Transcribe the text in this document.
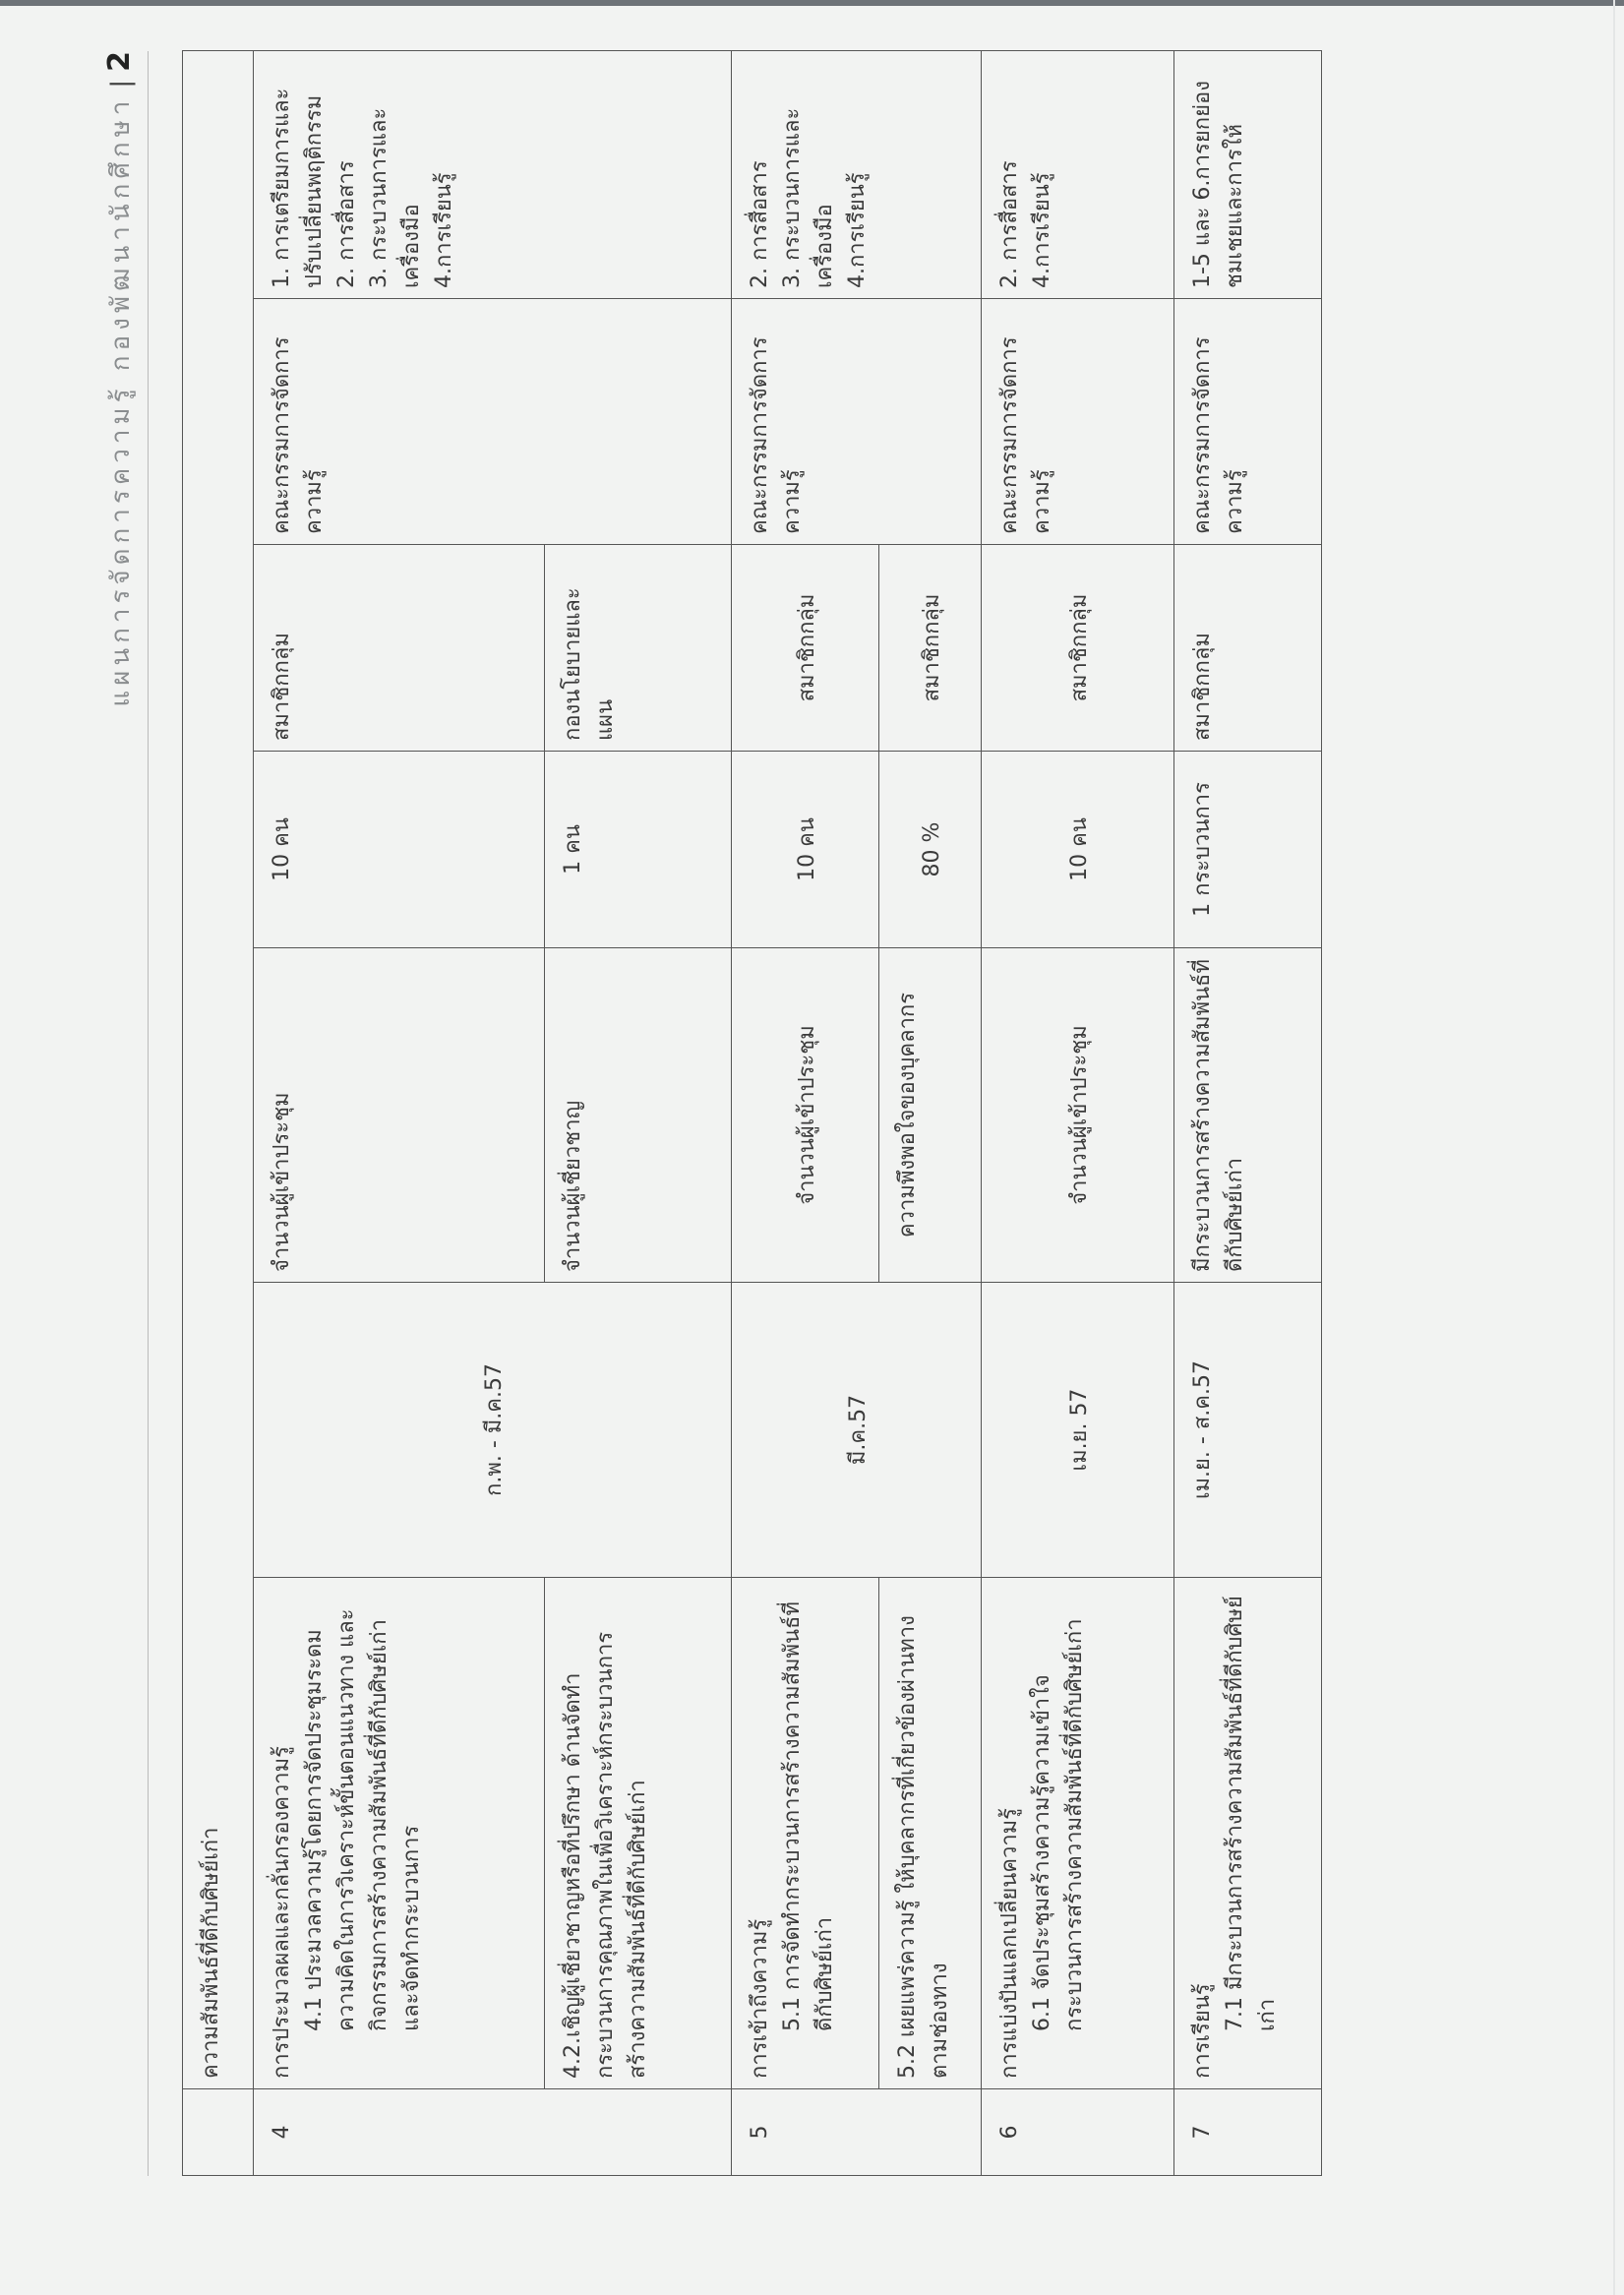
แผนการจัดการความรู้ กองพัฒนานักศึกษา|2

	ความสัมพันธ์ที่ดีกับศิษย์เก่า						

4	การประมวลผลและกลั่นกรองความรู้ 4.1 ประมวลความรู้โดยการจัดประชุมระดมความคิดในการวิเคราะห์ขั้นตอนแนวทาง และกิจกรรมการสร้างความสัมพันธ์ที่ดีกับศิษย์เก่าและจัดทำกระบวนการ	ก.พ. - มี.ค.57	จำนวนผู้เข้าประชุม	10 คน	สมาชิกกลุ่ม	คณะกรรมการจัดการความรู้	1. การเตรียมการและปรับเปลี่ยนพฤติกรรม 2. การสื่อสาร 3. กระบวนการและเครื่องมือ 4.การเรียนรู้

	4.2.เชิญผู้เชี่ยวชาญหรือที่ปรึกษา ด้านจัดทำกระบวนการคุณภาพในเพื่อวิเคราะห์กระบวนการสร้างความสัมพันธ์ที่ดีกับศิษย์เก่า		จำนวนผู้เชี่ยวชาญ	1 คน	กองนโยบายและแผน		
5	การเข้าถึงความรู้ 5.1 การจัดทำกระบวนการสร้างความสัมพันธ์ที่ดีกับศิษย์เก่า	มี.ค.57	จำนวนผู้เข้าประชุม	10 คน	สมาชิกกลุ่ม	คณะกรรมการจัดการความรู้	2. การสื่อสาร 3. กระบวนการและเครื่องมือ 4.การเรียนรู้

	5.2 เผยแพร่ความรู้ ให้บุคลากรที่เกี่ยวข้องผ่านทางตามช่องทาง		ความพึงพอใจของบุคลากร	80 %	สมาชิกกลุ่ม		
6	การแบ่งปันแลกเปลี่ยนความรู้ 6.1 จัดประชุมสร้างความรู้ความเข้าใจกระบวนการสร้างความสัมพันธ์ที่ดีกับศิษย์เก่า	เม.ย. 57	จำนวนผู้เข้าประชุม	10 คน	สมาชิกกลุ่ม	คณะกรรมการจัดการความรู้	2. การสื่อสาร 4.การเรียนรู้

7	การเรียนรู้ 7.1 มีกระบวนการสร้างความสัมพันธ์ที่ดีกับศิษย์เก่า	เม.ย. - ส.ค.57	มีกระบวนการสร้างความสัมพันธ์ที่ดีกับศิษย์เก่า	1 กระบวนการ	สมาชิกกลุ่ม	คณะกรรมการจัดการความรู้	1-5 และ 6.การยกย่องชมเชยและการให้
